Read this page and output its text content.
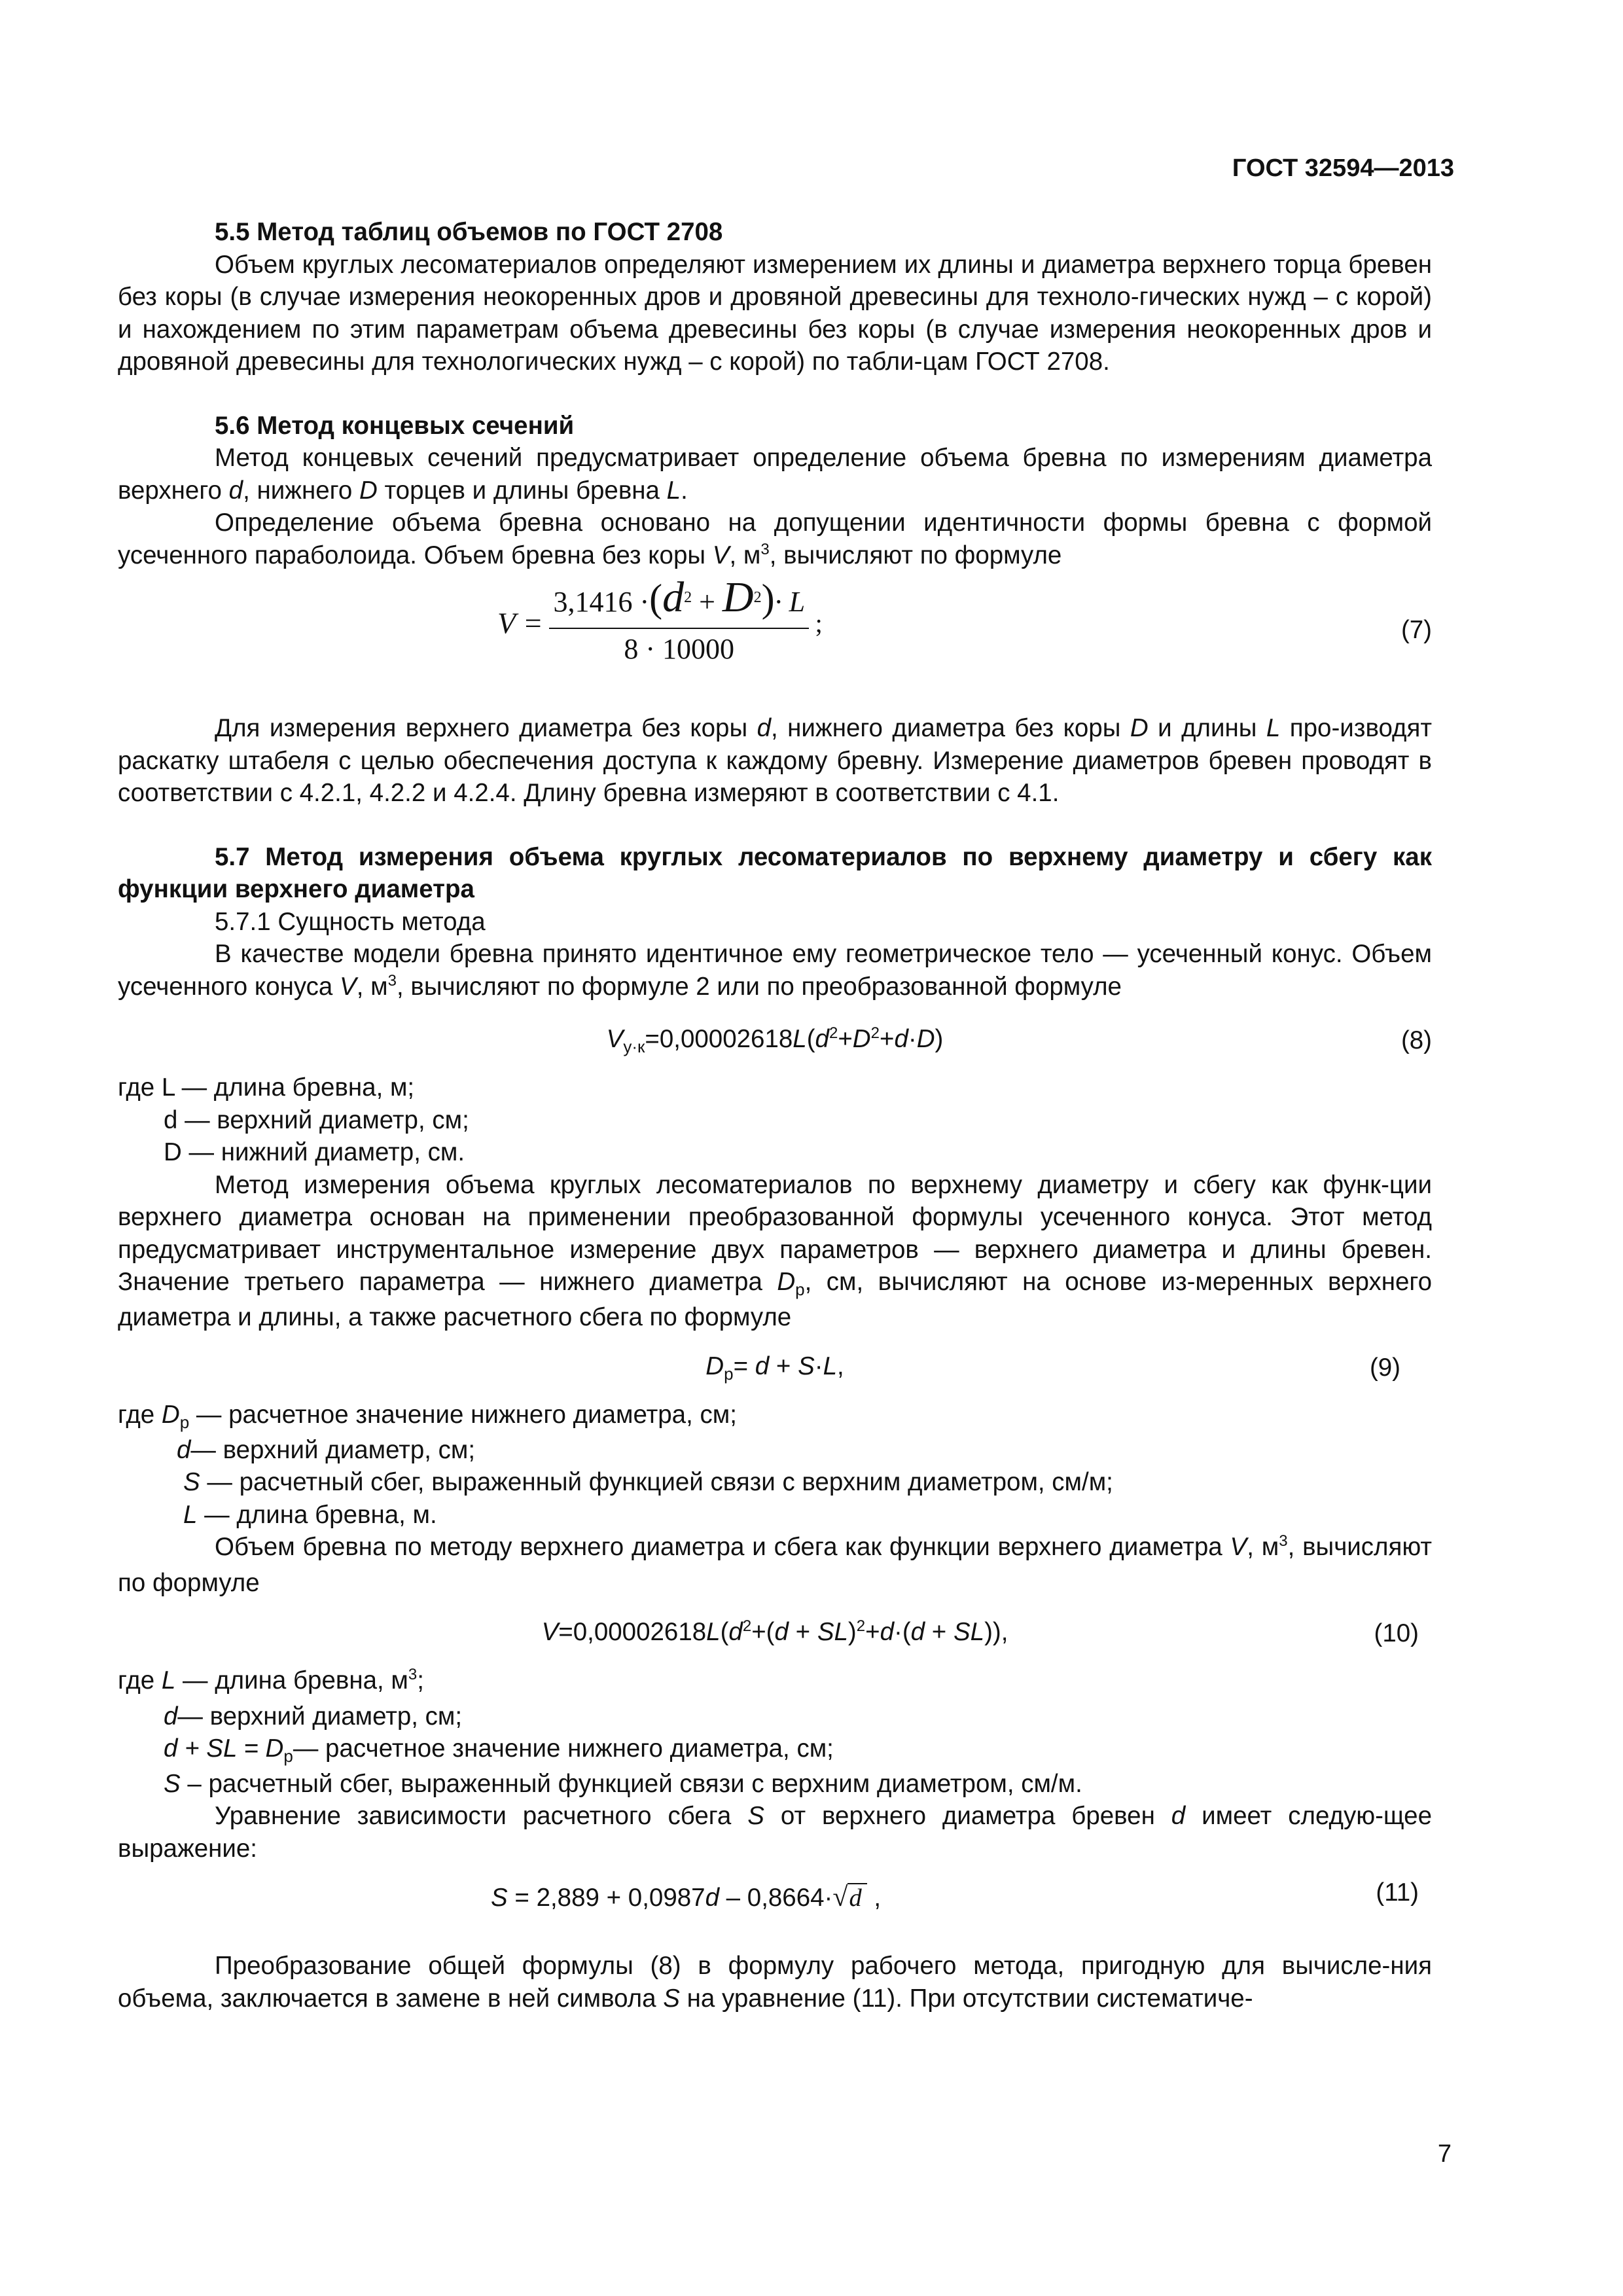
ГОСТ 32594—2013

5.5 Метод таблиц объемов по ГОСТ 2708

Объем круглых лесоматериалов определяют измерением их длины и диаметра верхнего торца бревен без коры (в случае измерения неокоренных дров и дровяной древесины для техноло-гических нужд – с корой) и нахождением по этим параметрам объема древесины без коры (в случае измерения неокоренных дров и дровяной древесины для технологических нужд – с корой) по табли-цам ГОСТ 2708.

5.6 Метод концевых сечений

Метод концевых сечений предусматривает определение объема бревна по измерениям диаметра верхнего d, нижнего D торцев и длины бревна L.

Определение объема бревна основано на допущении идентичности формы бревна с формой усеченного параболоида. Объем бревна без коры V, $м^3$, вычисляют по формуле

$V = \frac{3,1416 \cdot(d^2 + D^2)\cdot L}{8 \cdot 10000}$ ;	(7)

Для измерения верхнего диаметра без коры d, нижнего диаметра без коры D и длины L про-изводят раскатку штабеля с целью обеспечения доступа к каждому бревну. Измерение диаметров бревен проводят в соответствии с 4.2.1, 4.2.2 и 4.2.4. Длину бревна измеряют в соответствии с 4.1.

5.7 Метод измерения объема круглых лесоматериалов по верхнему диаметру и сбегу как функции верхнего диаметра

5.7.1 Сущность метода

В качестве модели бревна принято идентичное ему геометрическое тело — усеченный конус. Объем усеченного конуса V, $м^3$, вычисляют по формуле 2 или по преобразованной формуле

$V_{у\cdot к}=0,00002618L(d^2+D^2+d\cdot D)$	(8)

где L — длина бревна, м;

d — верхний диаметр, см;

D — нижний диаметр, см.

Метод измерения объема круглых лесоматериалов по верхнему диаметру и сбегу как функ-ции верхнего диаметра основан на применении преобразованной формулы усеченного конуса. Этот метод предусматривает инструментальное измерение двух параметров — верхнего диаметра и длины бревен. Значение третьего параметра — нижнего диаметра $D_р$, см, вычисляют на основе из-меренных верхнего диаметра и длины, а также расчетного сбега по формуле

$D_р= d + S\cdot L$,	(9)

где $D_р$ — расчетное значение нижнего диаметра, см;

d— верхний диаметр, см;

S — расчетный сбег, выраженный функцией связи с верхним диаметром, см/м;

L — длина бревна, м.

Объем бревна по методу верхнего диаметра и сбега как функции верхнего диаметра V, $м^3$, вычисляют по формуле

$V=0,00002618L(d^2+(d + SL)^2+d\cdot(d + SL))$,	(10)

где L — длина бревна, $м^3$;

d— верхний диаметр, см;

d + SL = $D_р—$ расчетное значение нижнего диаметра, см;

S – расчетный сбег, выраженный функцией связи с верхним диаметром, см/м.

Уравнение зависимости расчетного сбега S от верхнего диаметра бревен d имеет следую-щее выражение:

S = 2,889 + 0,0987d – 0,8664·√d ,	(11)

Преобразование общей формулы (8) в формулу рабочего метода, пригодную для вычисле-ния объема, заключается в замене в ней символа S на уравнение (11). При отсутствии систематиче-

7
